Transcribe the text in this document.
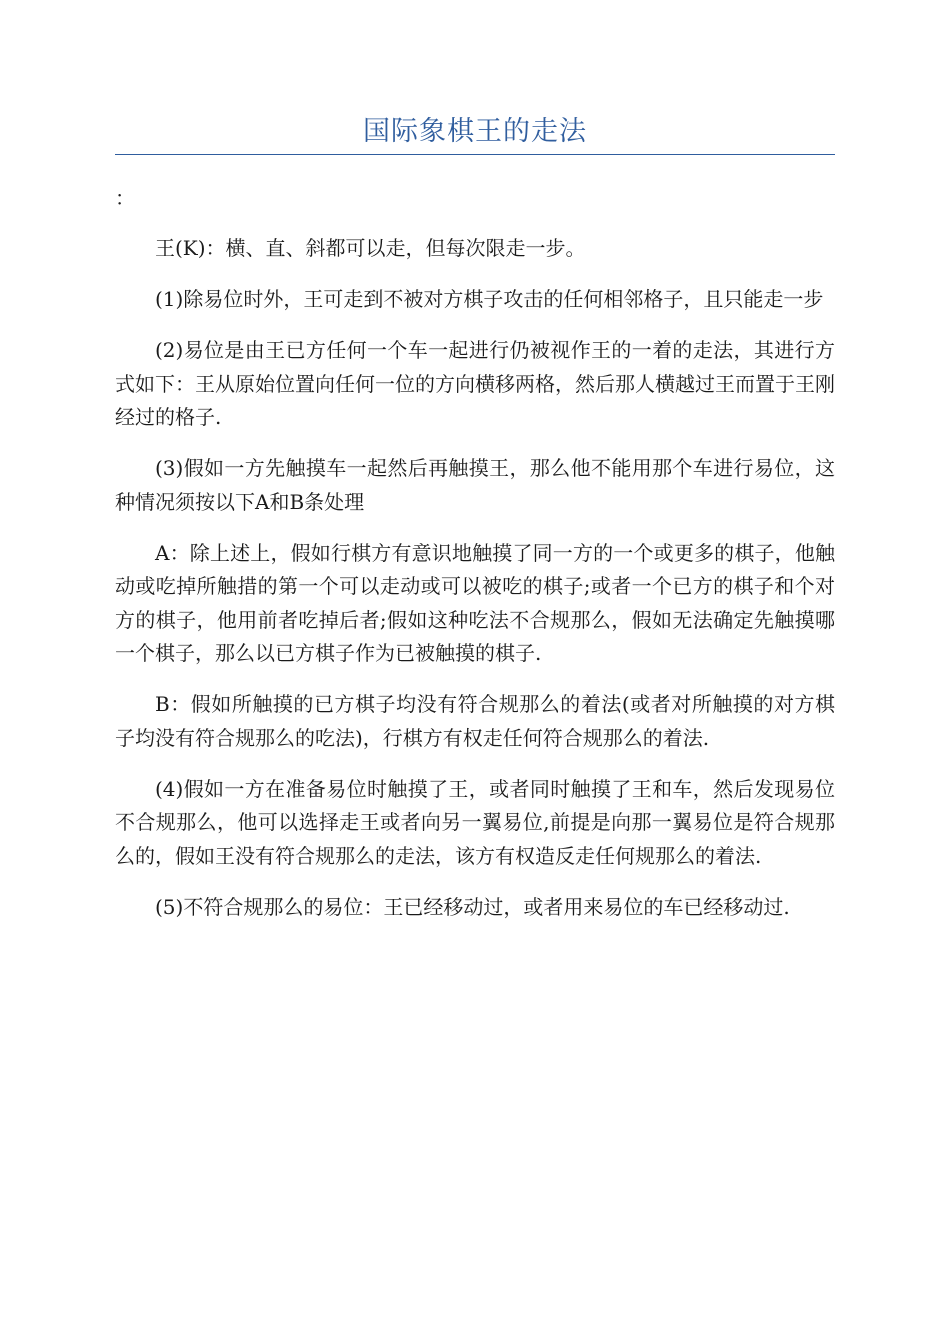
国际象棋王的走法
：

王(K)：横、直、斜都可以走，但每次限走一步。

(1)除易位时外，王可走到不被对方棋子攻击的任何相邻格子，且只能走一步

(2)易位是由王已方任何一个车一起进行仍被视作王的一着的走法，其进行方式如下：王从原始位置向任何一位的方向横移两格，然后那人横越过王而置于王刚经过的格子.

(3)假如一方先触摸车一起然后再触摸王，那么他不能用那个车进行易位，这种情况须按以下A和B条处理

A：除上述上，假如行棋方有意识地触摸了同一方的一个或更多的棋子，他触动或吃掉所触措的第一个可以走动或可以被吃的棋子;或者一个已方的棋子和个对方的棋子，他用前者吃掉后者;假如这种吃法不合规那么，假如无法确定先触摸哪一个棋子，那么以已方棋子作为已被触摸的棋子.

B：假如所触摸的已方棋子均没有符合规那么的着法(或者对所触摸的对方棋子均没有符合规那么的吃法)，行棋方有权走任何符合规那么的着法.

(4)假如一方在准备易位时触摸了王，或者同时触摸了王和车，然后发现易位不合规那么，他可以选择走王或者向另一翼易位,前提是向那一翼易位是符合规那么的，假如王没有符合规那么的走法，该方有权造反走任何规那么的着法.

(5)不符合规那么的易位：王已经移动过，或者用来易位的车已经移动过.
